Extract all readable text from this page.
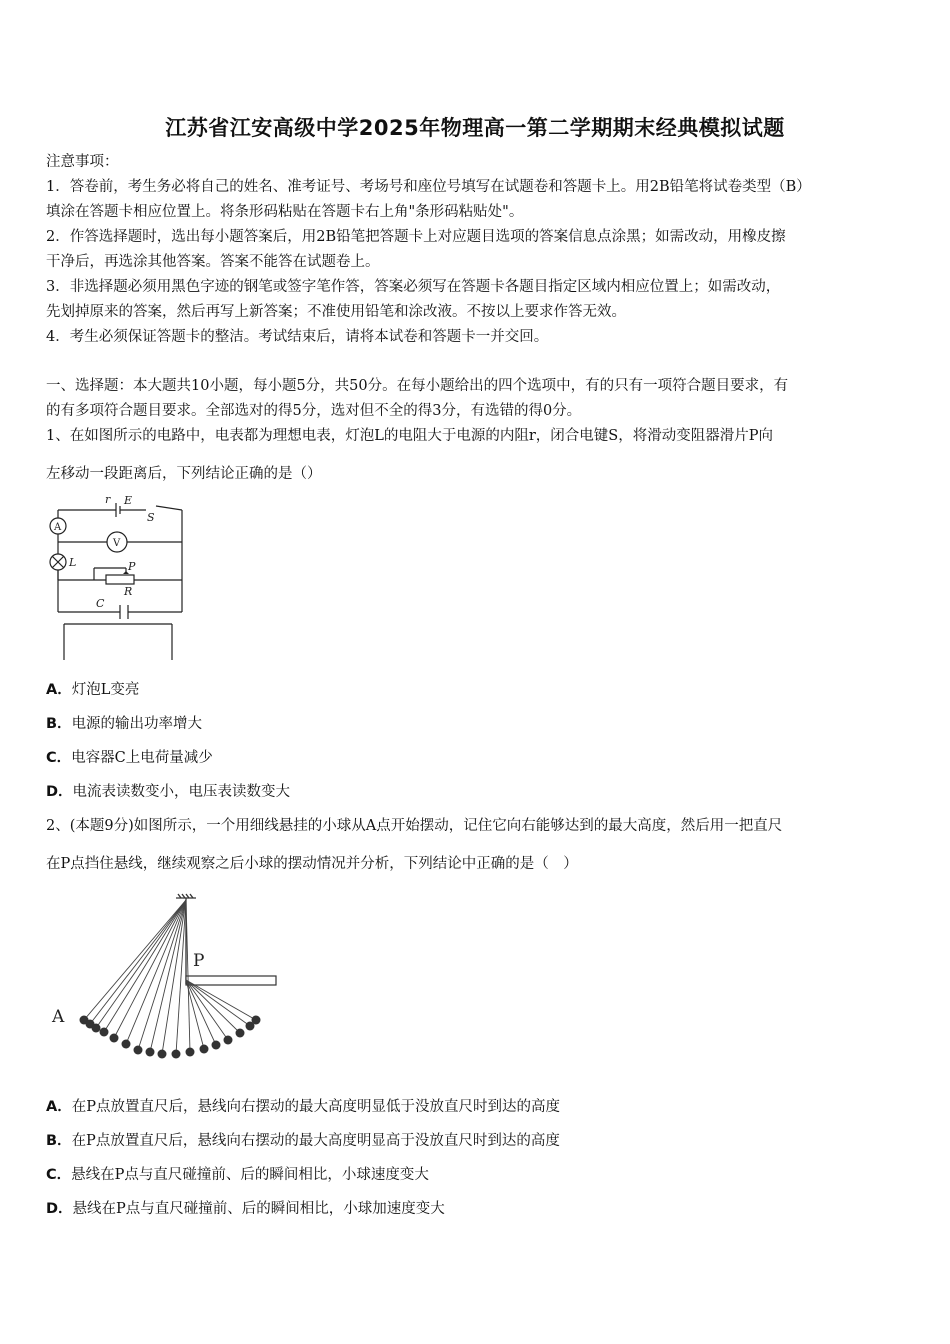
江苏省江安高级中学2025年物理高一第二学期期末经典模拟试题
注意事项：
1．答卷前，考生务必将自己的姓名、准考证号、考场号和座位号填写在试题卷和答题卡上。用2B铅笔将试卷类型（B）
填涂在答题卡相应位置上。将条形码粘贴在答题卡右上角"条形码粘贴处"。
2．作答选择题时，选出每小题答案后，用2B铅笔把答题卡上对应题目选项的答案信息点涂黑；如需改动，用橡皮擦
干净后，再选涂其他答案。答案不能答在试题卷上。
3．非选择题必须用黑色字迹的钢笔或签字笔作答，答案必须写在答题卡各题目指定区域内相应位置上；如需改动，
先划掉原来的答案，然后再写上新答案；不准使用铅笔和涂改液。不按以上要求作答无效。
4．考生必须保证答题卡的整洁。考试结束后，请将本试卷和答题卡一并交回。
一、选择题：本大题共10小题，每小题5分，共50分。在每小题给出的四个选项中，有的只有一项符合题目要求，有
的有多项符合题目要求。全部选对的得5分，选对但不全的得3分，有选错的得0分。
1、在如图所示的电路中，电表都为理想电表，灯泡L的电阻大于电源的内阻r，闭合电键S，将滑动变阻器滑片P向
左移动一段距离后，下列结论正确的是（）
r E
S
A
V
L	P
R
C
A．灯泡L变亮
B．电源的输出功率增大
C．电容器C上电荷量减少
D．电流表读数变小，电压表读数变大
2、(本题9分)如图所示，一个用细线悬挂的小球从A点开始摆动，记住它向右能够达到的最大高度，然后用一把直尺
在P点挡住悬线，继续观察之后小球的摆动情况并分析，下列结论中正确的是（　）
P
A
A．在P点放置直尺后，悬线向右摆动的最大高度明显低于没放直尺时到达的高度
B．在P点放置直尺后，悬线向右摆动的最大高度明显高于没放直尺时到达的高度
C．悬线在P点与直尺碰撞前、后的瞬间相比，小球速度变大
D．悬线在P点与直尺碰撞前、后的瞬间相比，小球加速度变大
